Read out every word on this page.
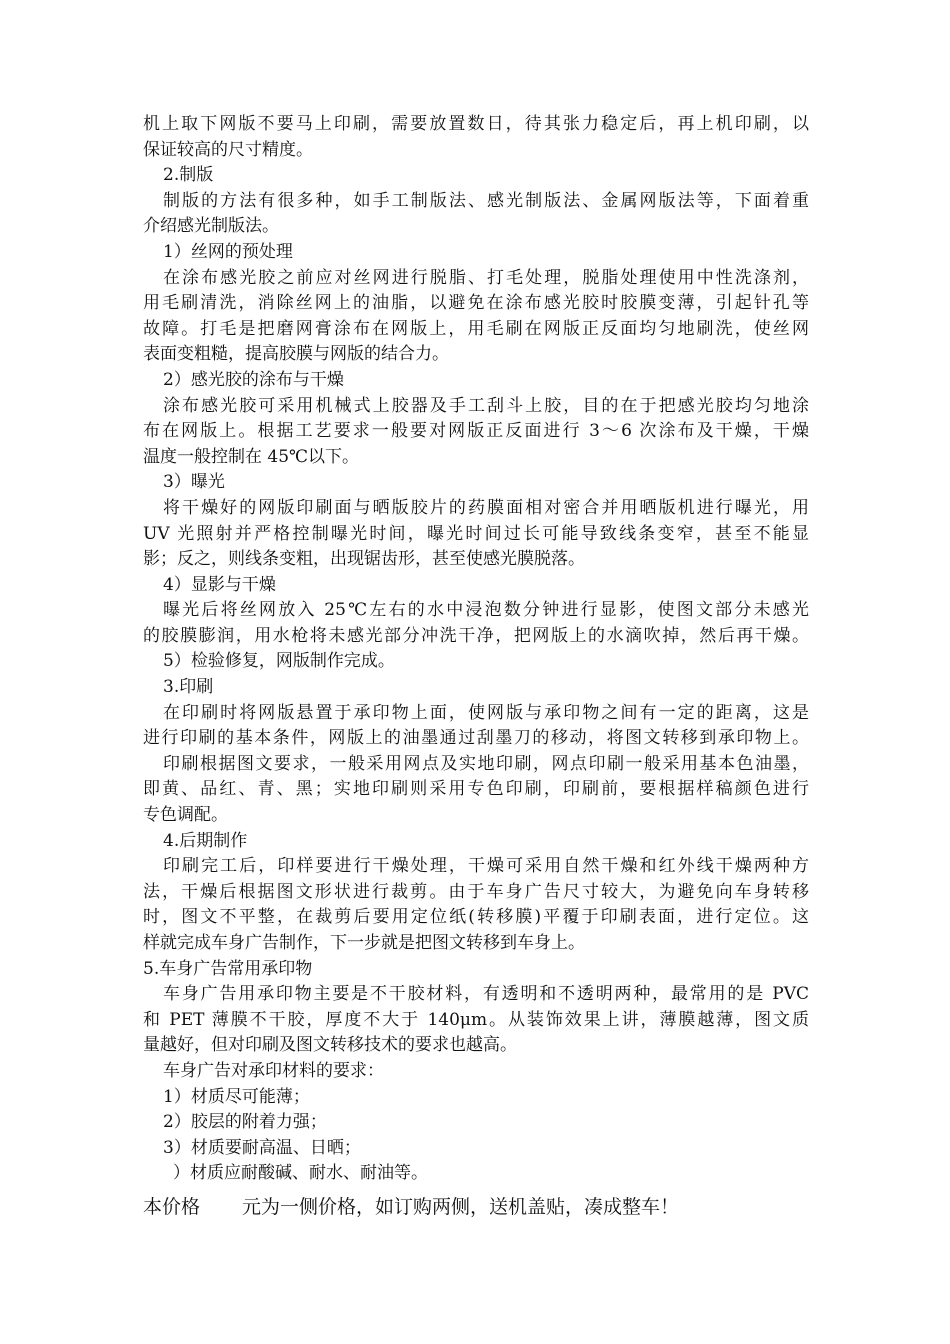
机上取下网版不要马上印刷，需要放置数日，待其张力稳定后，再上机印刷，以
保证较高的尺寸精度。
2.制版
制版的方法有很多种，如手工制版法、感光制版法、金属网版法等，下面着重
介绍感光制版法。
1）丝网的预处理
在涂布感光胶之前应对丝网进行脱脂、打毛处理，脱脂处理使用中性洗涤剂，
用毛刷清洗，消除丝网上的油脂，以避免在涂布感光胶时胶膜变薄，引起针孔等
故障。打毛是把磨网膏涂布在网版上，用毛刷在网版正反面均匀地刷洗，使丝网
表面变粗糙，提高胶膜与网版的结合力。
2）感光胶的涂布与干燥
涂布感光胶可采用机械式上胶器及手工刮斗上胶，目的在于把感光胶均匀地涂
布在网版上。根据工艺要求一般要对网版正反面进行 3～6 次涂布及干燥，干燥
温度一般控制在 45℃以下。
3）曝光
将干燥好的网版印刷面与晒版胶片的药膜面相对密合并用晒版机进行曝光，用
UV 光照射并严格控制曝光时间，曝光时间过长可能导致线条变窄，甚至不能显
影；反之，则线条变粗，出现锯齿形，甚至使感光膜脱落。
4）显影与干燥
曝光后将丝网放入 25℃左右的水中浸泡数分钟进行显影，使图文部分未感光
的胶膜膨润，用水枪将未感光部分冲洗干净，把网版上的水滴吹掉，然后再干燥。
5）检验修复，网版制作完成。
3.印刷
在印刷时将网版悬置于承印物上面，使网版与承印物之间有一定的距离，这是
进行印刷的基本条件，网版上的油墨通过刮墨刀的移动，将图文转移到承印物上。
印刷根据图文要求，一般采用网点及实地印刷，网点印刷一般采用基本色油墨，
即黄、品红、青、黑；实地印刷则采用专色印刷，印刷前，要根据样稿颜色进行
专色调配。
4.后期制作
印刷完工后，印样要进行干燥处理，干燥可采用自然干燥和红外线干燥两种方
法，干燥后根据图文形状进行裁剪。由于车身广告尺寸较大，为避免向车身转移
时，图文不平整，在裁剪后要用定位纸(转移膜)平覆于印刷表面，进行定位。这
样就完成车身广告制作，下一步就是把图文转移到车身上。
5.车身广告常用承印物
车身广告用承印物主要是不干胶材料，有透明和不透明两种，最常用的是 PVC
和 PET 薄膜不干胶，厚度不大于 140μm。从装饰效果上讲，薄膜越薄，图文质
量越好，但对印刷及图文转移技术的要求也越高。
车身广告对承印材料的要求：
1）材质尽可能薄；
2）胶层的附着力强；
3）材质要耐高温、日晒；
）材质应耐酸碱、耐水、耐油等。
本价格 元为一侧价格，如订购两侧，送机盖贴，凑成整车！
